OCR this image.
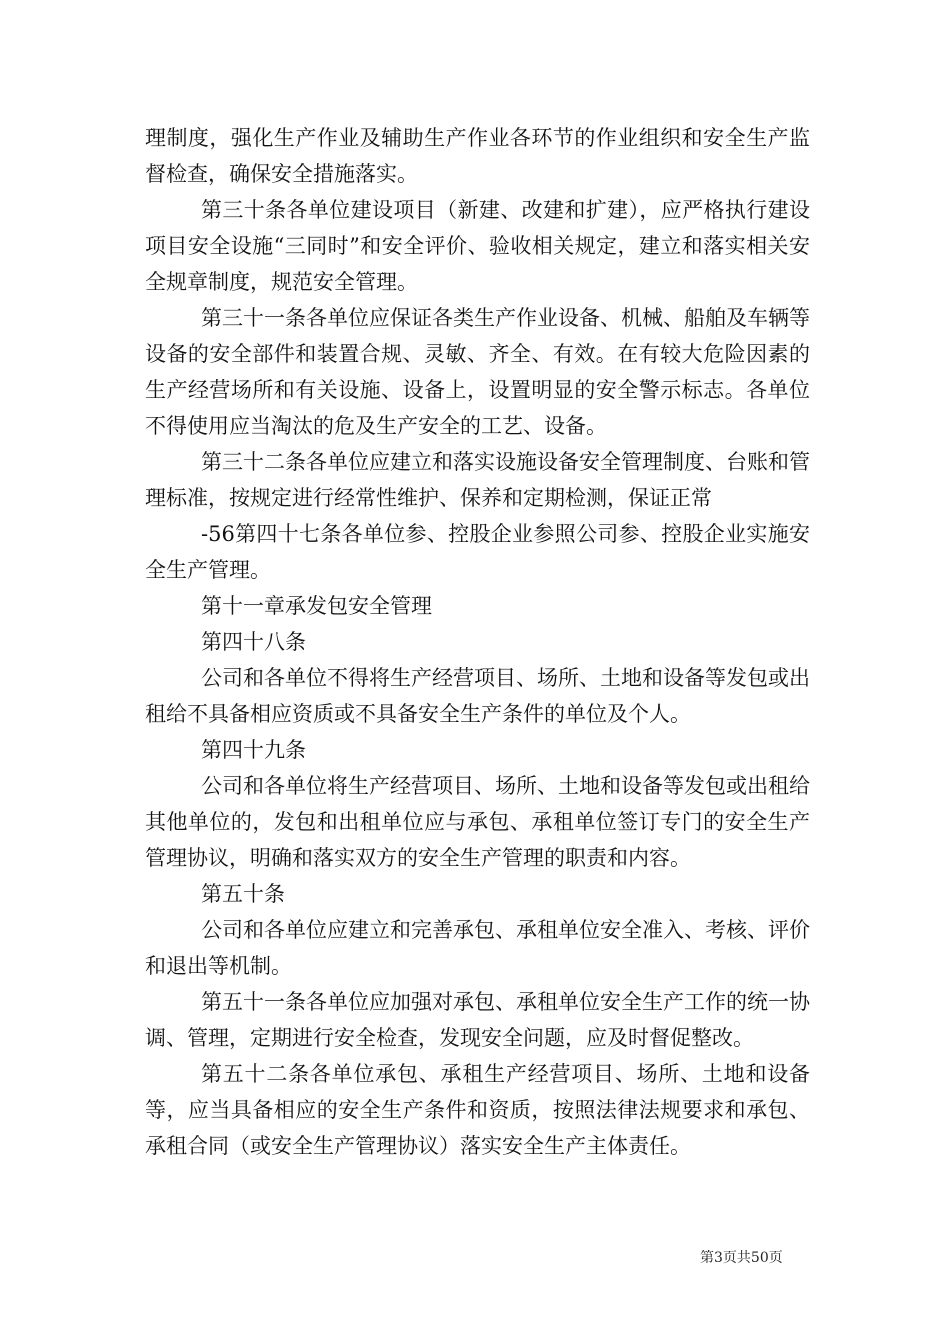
理制度，强化生产作业及辅助生产作业各环节的作业组织和安全生产监督检查，确保安全措施落实。

第三十条各单位建设项目（新建、改建和扩建），应严格执行建设项目安全设施“三同时”和安全评价、验收相关规定，建立和落实相关安全规章制度，规范安全管理。

第三十一条各单位应保证各类生产作业设备、机械、船舶及车辆等设备的安全部件和装置合规、灵敏、齐全、有效。在有较大危险因素的生产经营场所和有关设施、设备上，设置明显的安全警示标志。各单位不得使用应当淘汰的危及生产安全的工艺、设备。

第三十二条各单位应建立和落实设施设备安全管理制度、台账和管理标准，按规定进行经常性维护、保养和定期检测，保证正常

-56第四十七条各单位参、控股企业参照公司参、控股企业实施安全生产管理。

第十一章承发包安全管理

第四十八条

公司和各单位不得将生产经营项目、场所、土地和设备等发包或出租给不具备相应资质或不具备安全生产条件的单位及个人。

第四十九条

公司和各单位将生产经营项目、场所、土地和设备等发包或出租给其他单位的，发包和出租单位应与承包、承租单位签订专门的安全生产管理协议，明确和落实双方的安全生产管理的职责和内容。

第五十条

公司和各单位应建立和完善承包、承租单位安全准入、考核、评价和退出等机制。

第五十一条各单位应加强对承包、承租单位安全生产工作的统一协调、管理，定期进行安全检查，发现安全问题，应及时督促整改。

第五十二条各单位承包、承租生产经营项目、场所、土地和设备等，应当具备相应的安全生产条件和资质，按照法律法规要求和承包、承租合同（或安全生产管理协议）落实安全生产主体责任。

第3页共50页
